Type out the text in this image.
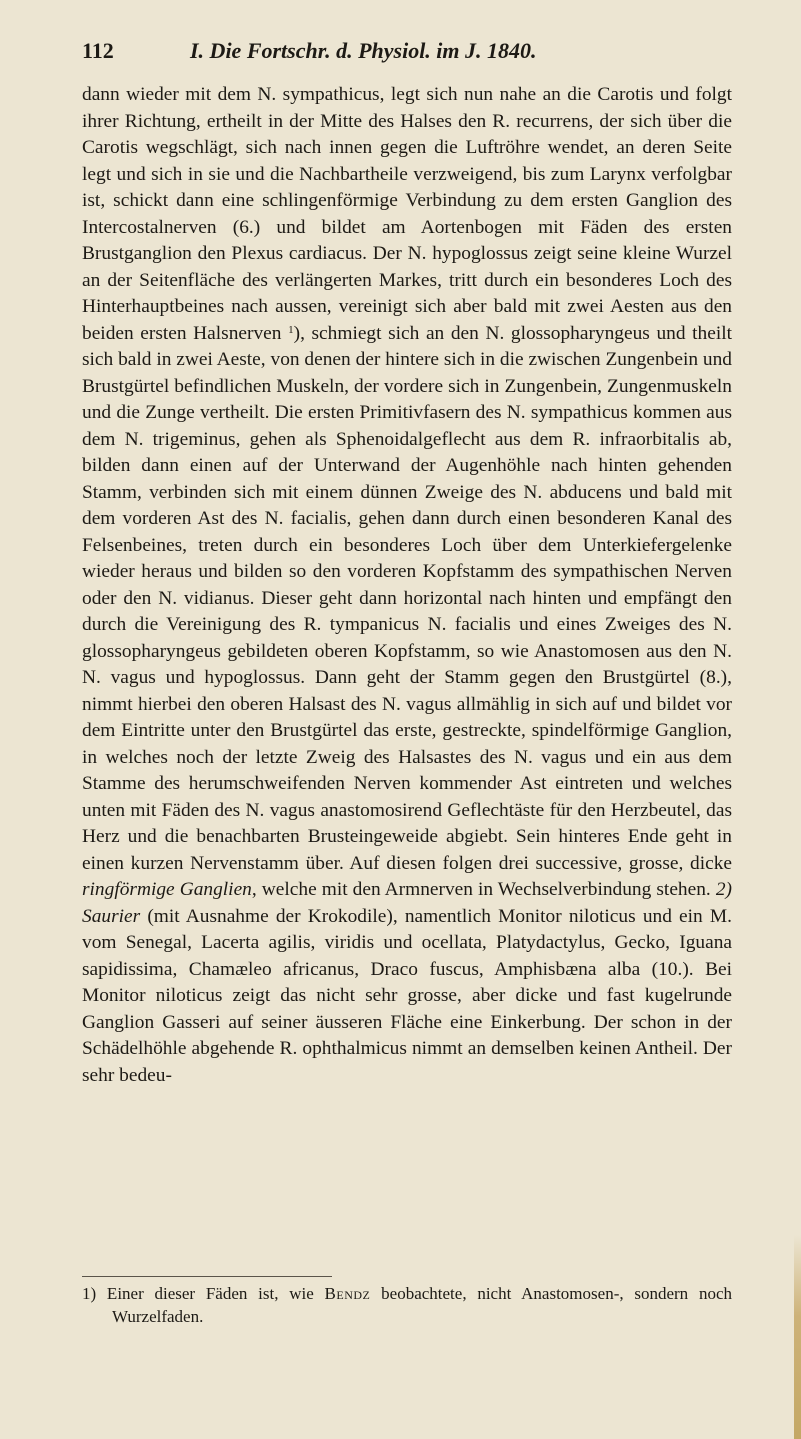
112	I. Die Fortschr. d. Physiol. im J. 1840.

dann wieder mit dem N. sympathicus, legt sich nun nahe an die Carotis und folgt ihrer Richtung, ertheilt in der Mitte des Halses den R. recurrens, der sich über die Carotis wegschlägt, sich nach innen gegen die Luftröhre wendet, an deren Seite legt und sich in sie und die Nachbartheile verzweigend, bis zum Larynx verfolgbar ist, schickt dann eine schlingenförmige Verbindung zu dem ersten Ganglion des Intercostalnerven (6.) und bildet am Aortenbogen mit Fäden des ersten Brustganglion den Plexus cardiacus. Der N. hypoglossus zeigt seine kleine Wurzel an der Seitenfläche des verlängerten Markes, tritt durch ein besonderes Loch des Hinterhauptbeines nach aussen, vereinigt sich aber bald mit zwei Aesten aus den beiden ersten Halsnerven $^1$), schmiegt sich an den N. glossopharyngeus und theilt sich bald in zwei Aeste, von denen der hintere sich in die zwischen Zungenbein und Brustgürtel befindlichen Muskeln, der vordere sich in Zungenbein, Zungenmuskeln und die Zunge vertheilt. Die ersten Primitivfasern des N. sympathicus kommen aus dem N. trigeminus, gehen als Sphenoidalgeflecht aus dem R. infraorbitalis ab, bilden dann einen auf der Unterwand der Augenhöhle nach hinten gehenden Stamm, verbinden sich mit einem dünnen Zweige des N. abducens und bald mit dem vorderen Ast des N. facialis, gehen dann durch einen besonderen Kanal des Felsenbeines, treten durch ein besonderes Loch über dem Unterkiefergelenke wieder heraus und bilden so den vorderen Kopfstamm des sympathischen Nerven oder den N. vidianus. Dieser geht dann horizontal nach hinten und empfängt den durch die Vereinigung des R. tympanicus N. facialis und eines Zweiges des N. glossopharyngeus gebildeten oberen Kopfstamm, so wie Anastomosen aus den N. N. vagus und hypoglossus. Dann geht der Stamm gegen den Brustgürtel (8.), nimmt hierbei den oberen Halsast des N. vagus allmählig in sich auf und bildet vor dem Eintritte unter den Brustgürtel das erste, gestreckte, spindelförmige Ganglion, in welches noch der letzte Zweig des Halsastes des N. vagus und ein aus dem Stamme des herumschweifenden Nerven kommender Ast eintreten und welches unten mit Fäden des N. vagus anastomosirend Geflechtäste für den Herzbeutel, das Herz und die benachbarten Brusteingeweide abgiebt. Sein hinteres Ende geht in einen kurzen Nervenstamm über. Auf diesen folgen drei successive, grosse, dicke ringförmige Ganglien, welche mit den Armnerven in Wechselverbindung stehen. 2) Saurier (mit Ausnahme der Krokodile), namentlich Monitor niloticus und ein M. vom Senegal, Lacerta agilis, viridis und ocellata, Platydactylus, Gecko, Iguana sapidissima, Chamæleo africanus, Draco fuscus, Amphisbæna alba (10.). Bei Monitor niloticus zeigt das nicht sehr grosse, aber dicke und fast kugelrunde Ganglion Gasseri auf seiner äusseren Fläche eine Einkerbung. Der schon in der Schädelhöhle abgehende R. ophthalmicus nimmt an demselben keinen Antheil. Der sehr bedeu-

1) Einer dieser Fäden ist, wie Bendz beobachtete, nicht Anastomosen-, sondern noch Wurzelfaden.
